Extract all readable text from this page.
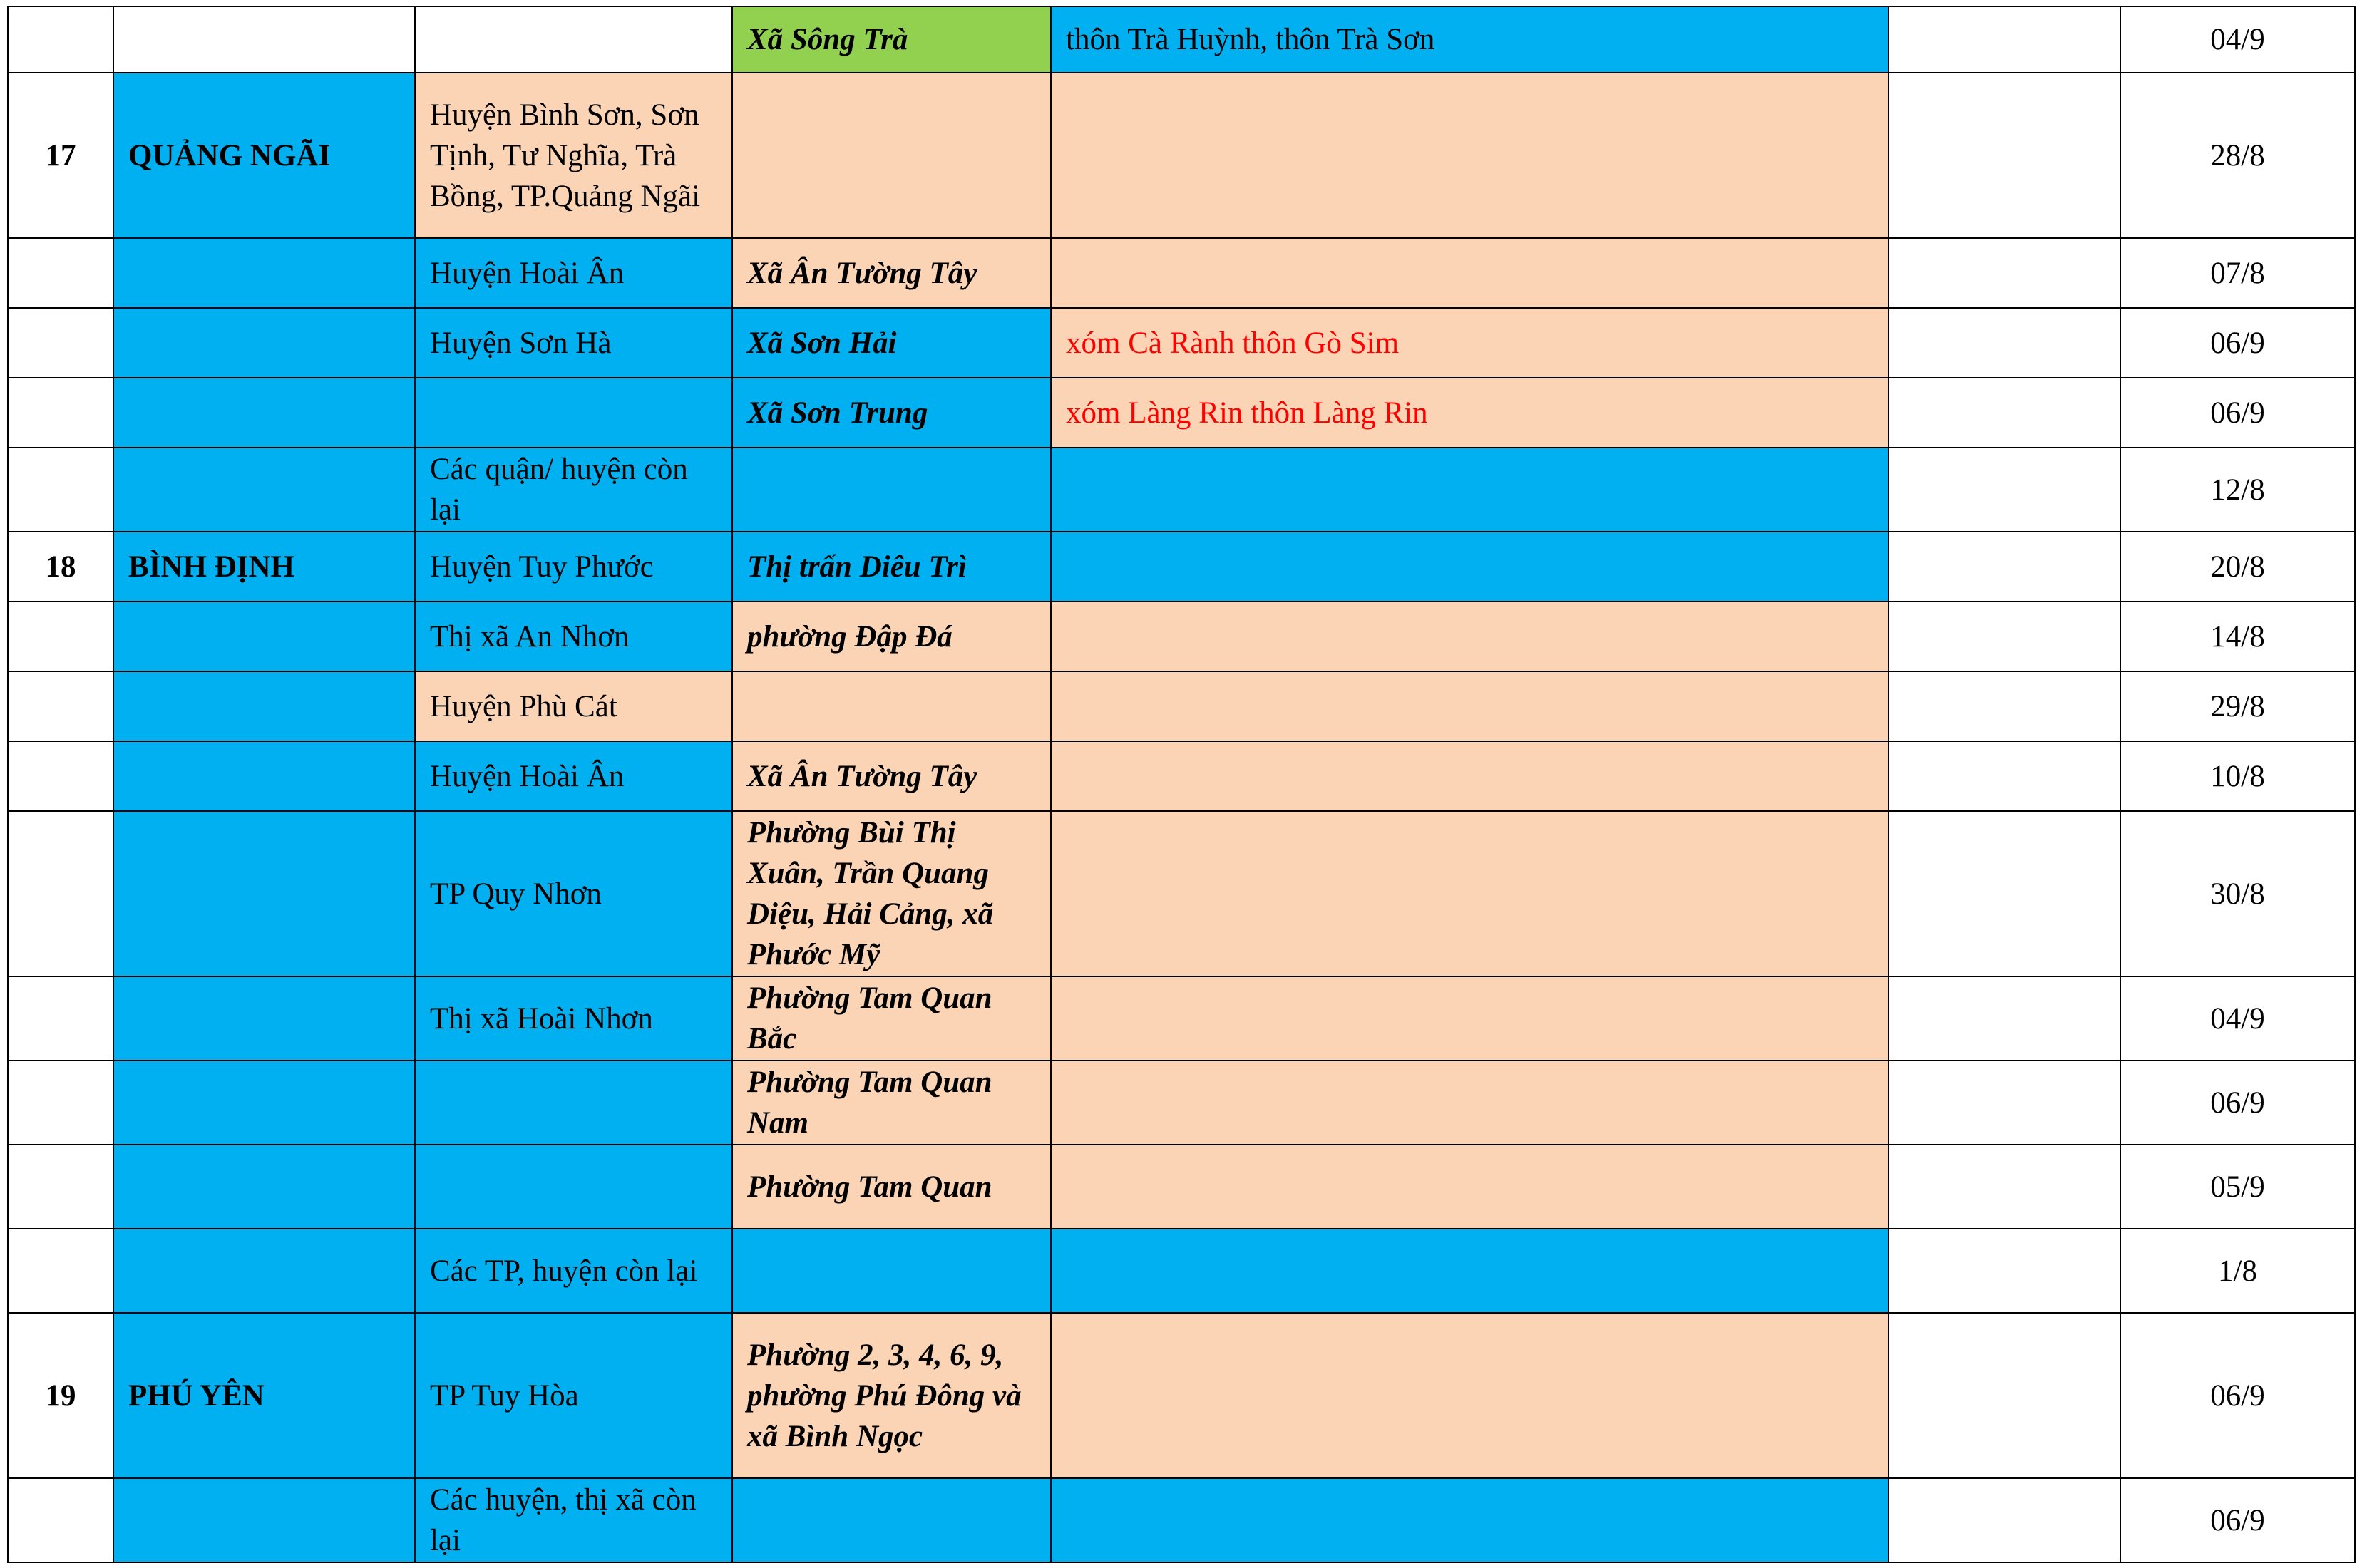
			Xã Sông Trà	thôn Trà Huỳnh, thôn Trà Sơn		04/9
17	QUẢNG NGÃI	Huyện Bình Sơn, Sơn Tịnh, Tư Nghĩa, Trà Bồng, TP.Quảng Ngãi				28/8
		Huyện Hoài Ân	Xã Ân Tường Tây			07/8
		Huyện Sơn Hà	Xã Sơn Hải	xóm Cà Rành thôn Gò Sim		06/9
			Xã Sơn Trung	xóm Làng Rin thôn Làng Rin		06/9
		Các quận/ huyện còn lại				12/8
18	BÌNH ĐỊNH	Huyện Tuy Phước	Thị trấn Diêu Trì			20/8
		Thị xã An Nhơn	phường Đập Đá			14/8
		Huyện Phù Cát				29/8
		Huyện Hoài Ân	Xã Ân Tường Tây			10/8
		TP Quy Nhơn	Phường Bùi Thị Xuân, Trần Quang Diệu, Hải Cảng, xã Phước Mỹ			30/8
		Thị xã Hoài Nhơn	Phường Tam Quan Bắc			04/9
			Phường Tam Quan Nam			06/9
			Phường Tam Quan			05/9
		Các TP, huyện còn lại				1/8
19	PHÚ YÊN	TP Tuy Hòa	Phường 2, 3, 4, 6, 9, phường Phú Đông và xã Bình Ngọc			06/9
		Các huyện, thị xã còn lại				06/9
